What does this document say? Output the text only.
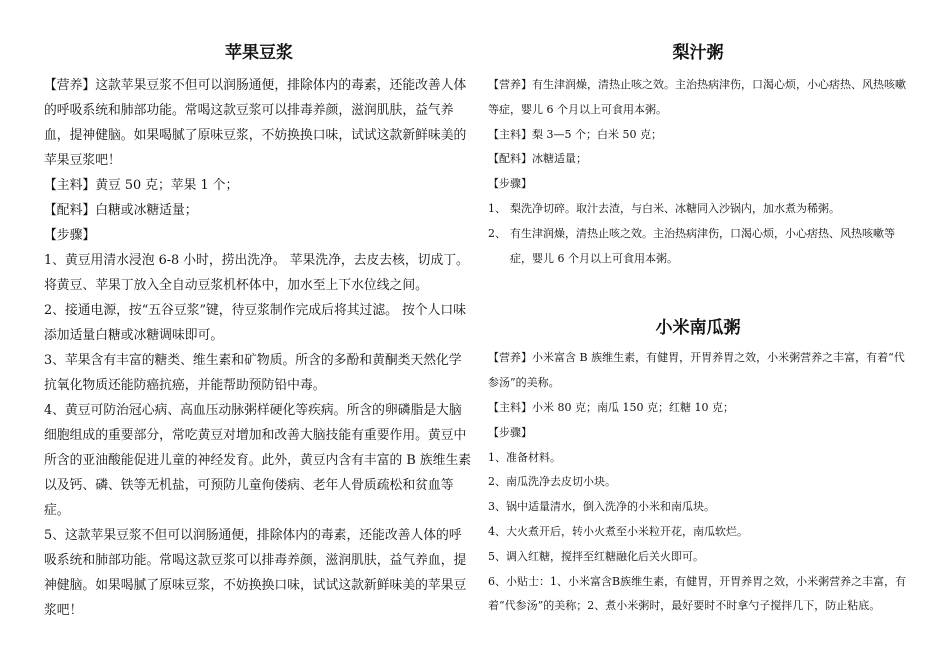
苹果豆浆

【营养】这款苹果豆浆不但可以润肠通便，排除体内的毒素，还能改善人体的呼吸系统和肺部功能。常喝这款豆浆可以排毒养颜，滋润肌肤，益气养血，提神健脑。如果喝腻了原味豆浆，不妨换换口味，试试这款新鲜味美的苹果豆浆吧！

【主料】黄豆 50 克；苹果 1 个；

【配料】白糖或冰糖适量；

【步骤】

1、黄豆用清水浸泡 6-8 小时，捞出洗净。 苹果洗净，去皮去核，切成丁。将黄豆、苹果丁放入全自动豆浆机杯体中，加水至上下水位线之间。

2、接通电源，按“五谷豆浆”键，待豆浆制作完成后将其过滤。 按个人口味添加适量白糖或冰糖调味即可。

3、苹果含有丰富的糖类、维生素和矿物质。所含的多酚和黄酮类天然化学抗氧化物质还能防癌抗癌，并能帮助预防铅中毒。

4、黄豆可防治冠心病、高血压动脉粥样硬化等疾病。所含的卵磷脂是大脑细胞组成的重要部分，常吃黄豆对增加和改善大脑技能有重要作用。黄豆中所含的亚油酸能促进儿童的神经发育。此外，黄豆内含有丰富的 B 族维生素以及钙、磷、铁等无机盐，可预防儿童佝偻病、老年人骨质疏松和贫血等症。

5、这款苹果豆浆不但可以润肠通便，排除体内的毒素，还能改善人体的呼吸系统和肺部功能。常喝这款豆浆可以排毒养颜，滋润肌肤，益气养血，提神健脑。如果喝腻了原味豆浆，不妨换换口味，试试这款新鲜味美的苹果豆浆吧！

梨汁粥

【营养】有生津润燥，清热止咳之效。主治热病津伤，口渴心烦，小心痞热、风热咳嗽等症，婴儿 6 个月以上可食用本粥。

【主料】梨 3—5 个；白米 50 克；

【配料】冰糖适量；

【步骤】

1、 梨洗净切碎。取汁去渣，与白米、冰糖同入沙锅内，加水煮为稀粥。
2、 有生津润燥，清热止咳之效。主治热病津伤，口渴心烦，小心痞热、风热咳嗽等症，婴儿 6 个月以上可食用本粥。
小米南瓜粥

【营养】小米富含 B 族维生素，有健胃，开胃养胃之效，小米粥营养之丰富，有着“代参汤”的美称。

【主料】小米 80 克；南瓜 150 克；红糖 10 克；

【步骤】

1、准备材料。

2、南瓜洗净去皮切小块。

3、锅中适量清水，倒入洗净的小米和南瓜块。

4、大火煮开后，转小火煮至小米粒开花，南瓜软烂。

5、调入红糖，搅拌至红糖融化后关火即可。

6、小贴士：1、小米富含B族维生素，有健胃，开胃养胃之效，小米粥营养之丰富，有着“代参汤”的美称；2、煮小米粥时，最好要时不时拿勺子搅拌几下，防止粘底。
